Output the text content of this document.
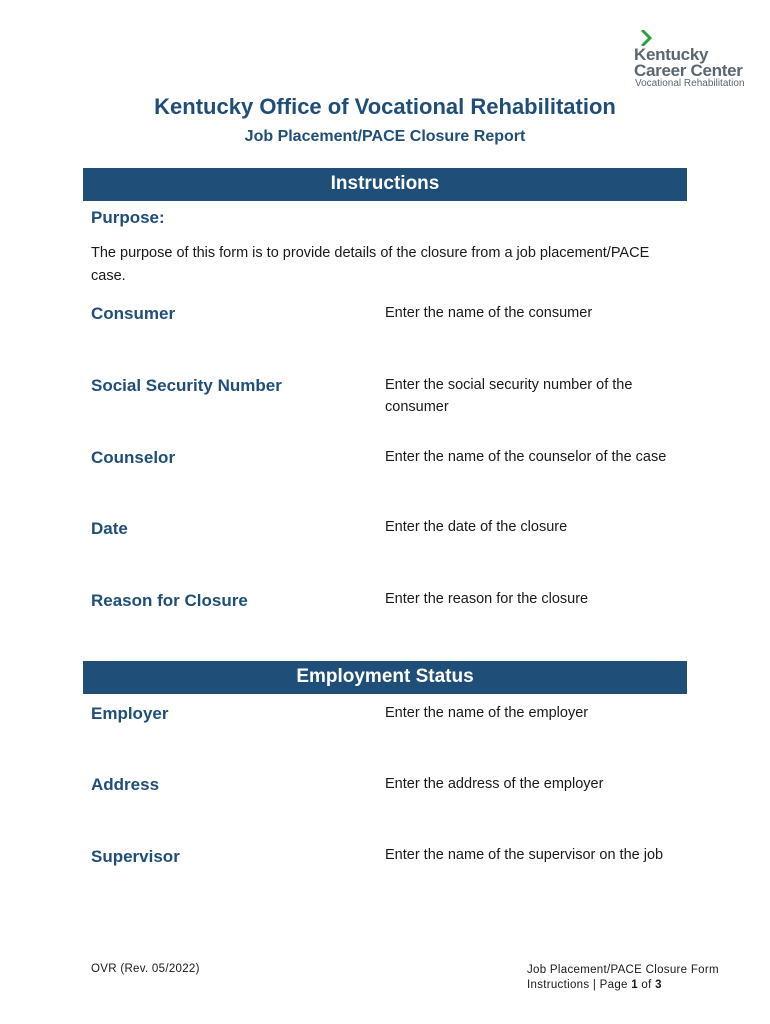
Kentucky
Career Center
Vocational Rehabilitation
Kentucky Office of Vocational Rehabilitation
Job Placement/PACE Closure Report
Instructions
Purpose:
The purpose of this form is to provide details of the closure from a job placement/PACE case.
Consumer	Enter the name of the consumer
Social Security Number	Enter the social security number of the consumer
Counselor	Enter the name of the counselor of the case
Date	Enter the date of the closure
Reason for Closure	Enter the reason for the closure
Employment Status
Employer	Enter the name of the employer
Address	Enter the address of the employer
Supervisor	Enter the name of the supervisor on the job
OVR (Rev. 05/2022)	Job Placement/PACE Closure Form
Instructions | Page 1 of 3
